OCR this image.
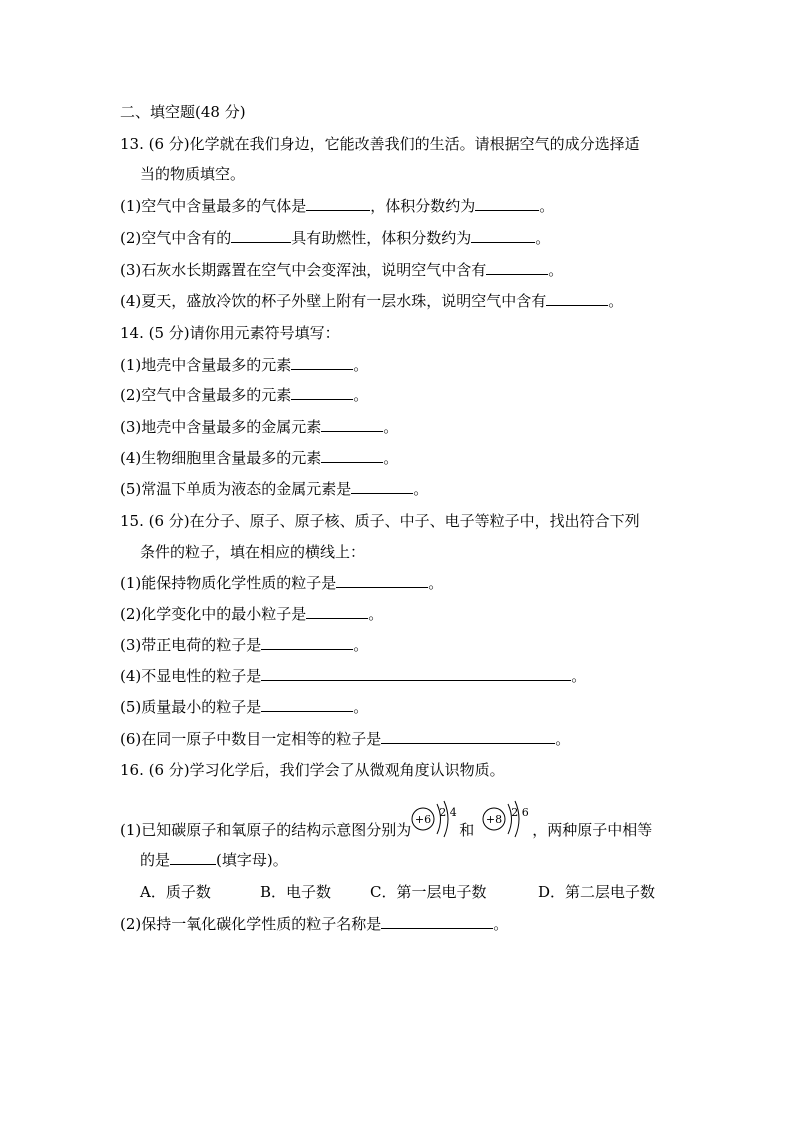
二、填空题(48 分)
13. (6 分)化学就在我们身边，它能改善我们的生活。请根据空气的成分选择适
当的物质填空。
(1)空气中含量最多的气体是	，体积分数约为	。
(2)空气中含有的	具有助燃性，体积分数约为	。
(3)石灰水长期露置在空气中会变浑浊，说明空气中含有	。
(4)夏天，盛放冷饮的杯子外壁上附有一层水珠，说明空气中含有	。
14. (5 分)请你用元素符号填写：
(1)地壳中含量最多的元素	。
(2)空气中含量最多的元素	。
(3)地壳中含量最多的金属元素	。
(4)生物细胞里含量最多的元素	。
(5)常温下单质为液态的金属元素是	。
15. (6 分)在分子、原子、原子核、质子、中子、电子等粒子中，找出符合下列
条件的粒子，填在相应的横线上：
(1)能保持物质化学性质的粒子是	。
(2)化学变化中的最小粒子是	。
(3)带正电荷的粒子是	。
(4)不显电性的粒子是	。
(5)质量最小的粒子是	。
(6)在同一原子中数目一定相等的粒子是	。
16. (6 分)学习化学后，我们学会了从微观角度认识物质。
(1)已知碳原子和氧原子的结构示意图分别为
+6
2 4
和
+8
2 6
，两种原子中相等
的是	(填字母)。
A．质子数	B．电子数	C．第一层电子数	D．第二层电子数
(2)保持一氧化碳化学性质的粒子名称是	。
